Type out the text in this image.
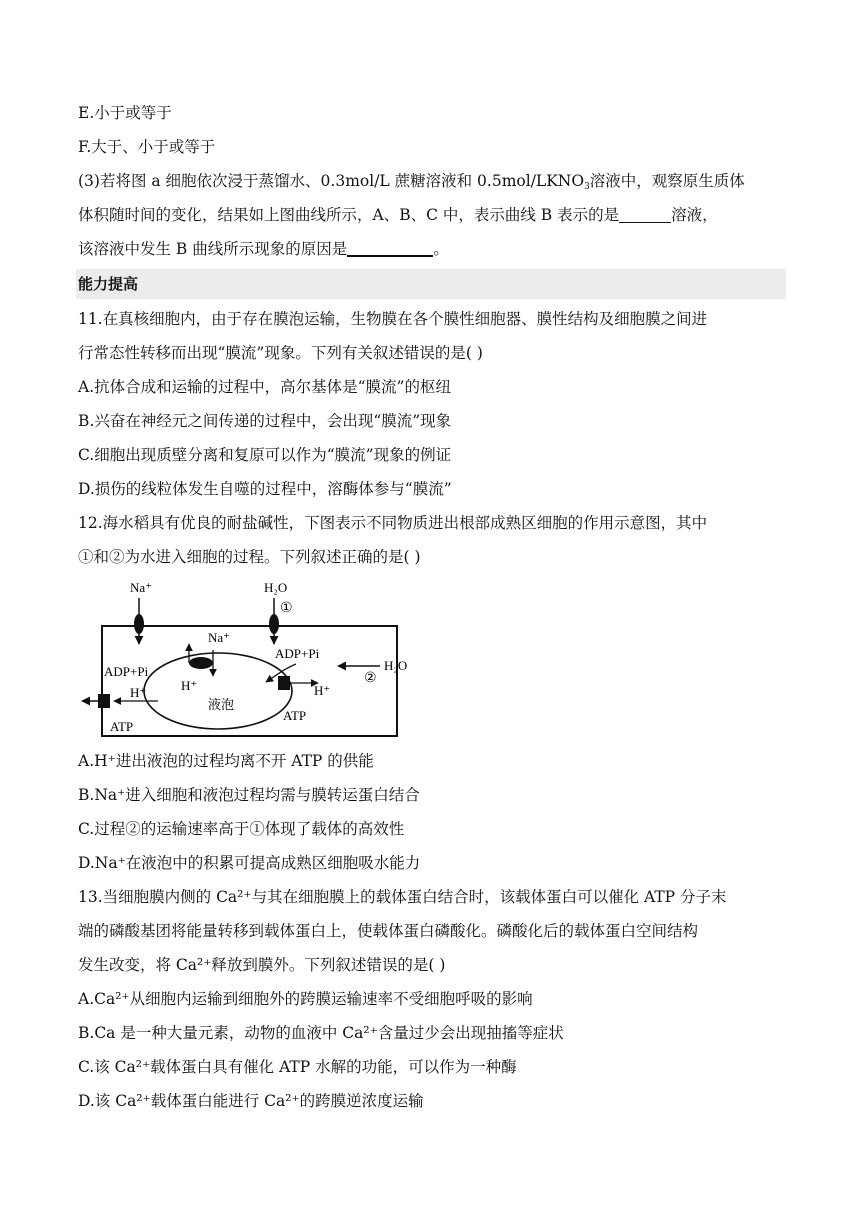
E.小于或等于
F.大于、小于或等于
(3)若将图 a 细胞依次浸于蒸馏水、0.3mol/L 蔗糖溶液和 $0.5mol/LKNO_3$溶液中，观察原生质体
体积随时间的变化，结果如上图曲线所示，A、B、C 中，表示曲线 B 表示的是	溶液，
该溶液中发生 B 曲线所示现象的原因是	。
能力提高
11.在真核细胞内，由于存在膜泡运输，生物膜在各个膜性细胞器、膜性结构及细胞膜之间进
行常态性转移而出现“膜流”现象。下列有关叙述错误的是( )
A.抗体合成和运输的过程中，高尔基体是“膜流”的枢纽
B.兴奋在神经元之间传递的过程中，会出现“膜流”现象
C.细胞出现质壁分离和复原可以作为“膜流”现象的例证
D.损伤的线粒体发生自噬的过程中，溶酶体参与“膜流”
12.海水稻具有优良的耐盐碱性，下图表示不同物质进出根部成熟区细胞的作用示意图，其中
①和②为水进入细胞的过程。下列叙述正确的是( )
Na⁺	H₂O
①
Na⁺
H⁺
液泡
ADP+Pi
H⁺
ATP
ADP+Pi
H⁺
ATP
②
H₂O
A.H⁺进出液泡的过程均离不开 ATP 的供能
B.Na⁺进入细胞和液泡过程均需与膜转运蛋白结合
C.过程②的运输速率高于①体现了载体的高效性
D.Na⁺在液泡中的积累可提高成熟区细胞吸水能力
13.当细胞膜内侧的 Ca²⁺与其在细胞膜上的载体蛋白结合时，该载体蛋白可以催化 ATP 分子末
端的磷酸基团将能量转移到载体蛋白上，使载体蛋白磷酸化。磷酸化后的载体蛋白空间结构
发生改变，将 Ca²⁺释放到膜外。下列叙述错误的是( )
A.Ca²⁺从细胞内运输到细胞外的跨膜运输速率不受细胞呼吸的影响
B.Ca 是一种大量元素，动物的血液中 Ca²⁺含量过少会出现抽搐等症状
C.该 Ca²⁺载体蛋白具有催化 ATP 水解的功能，可以作为一种酶
D.该 Ca²⁺载体蛋白能进行 Ca²⁺的跨膜逆浓度运输
